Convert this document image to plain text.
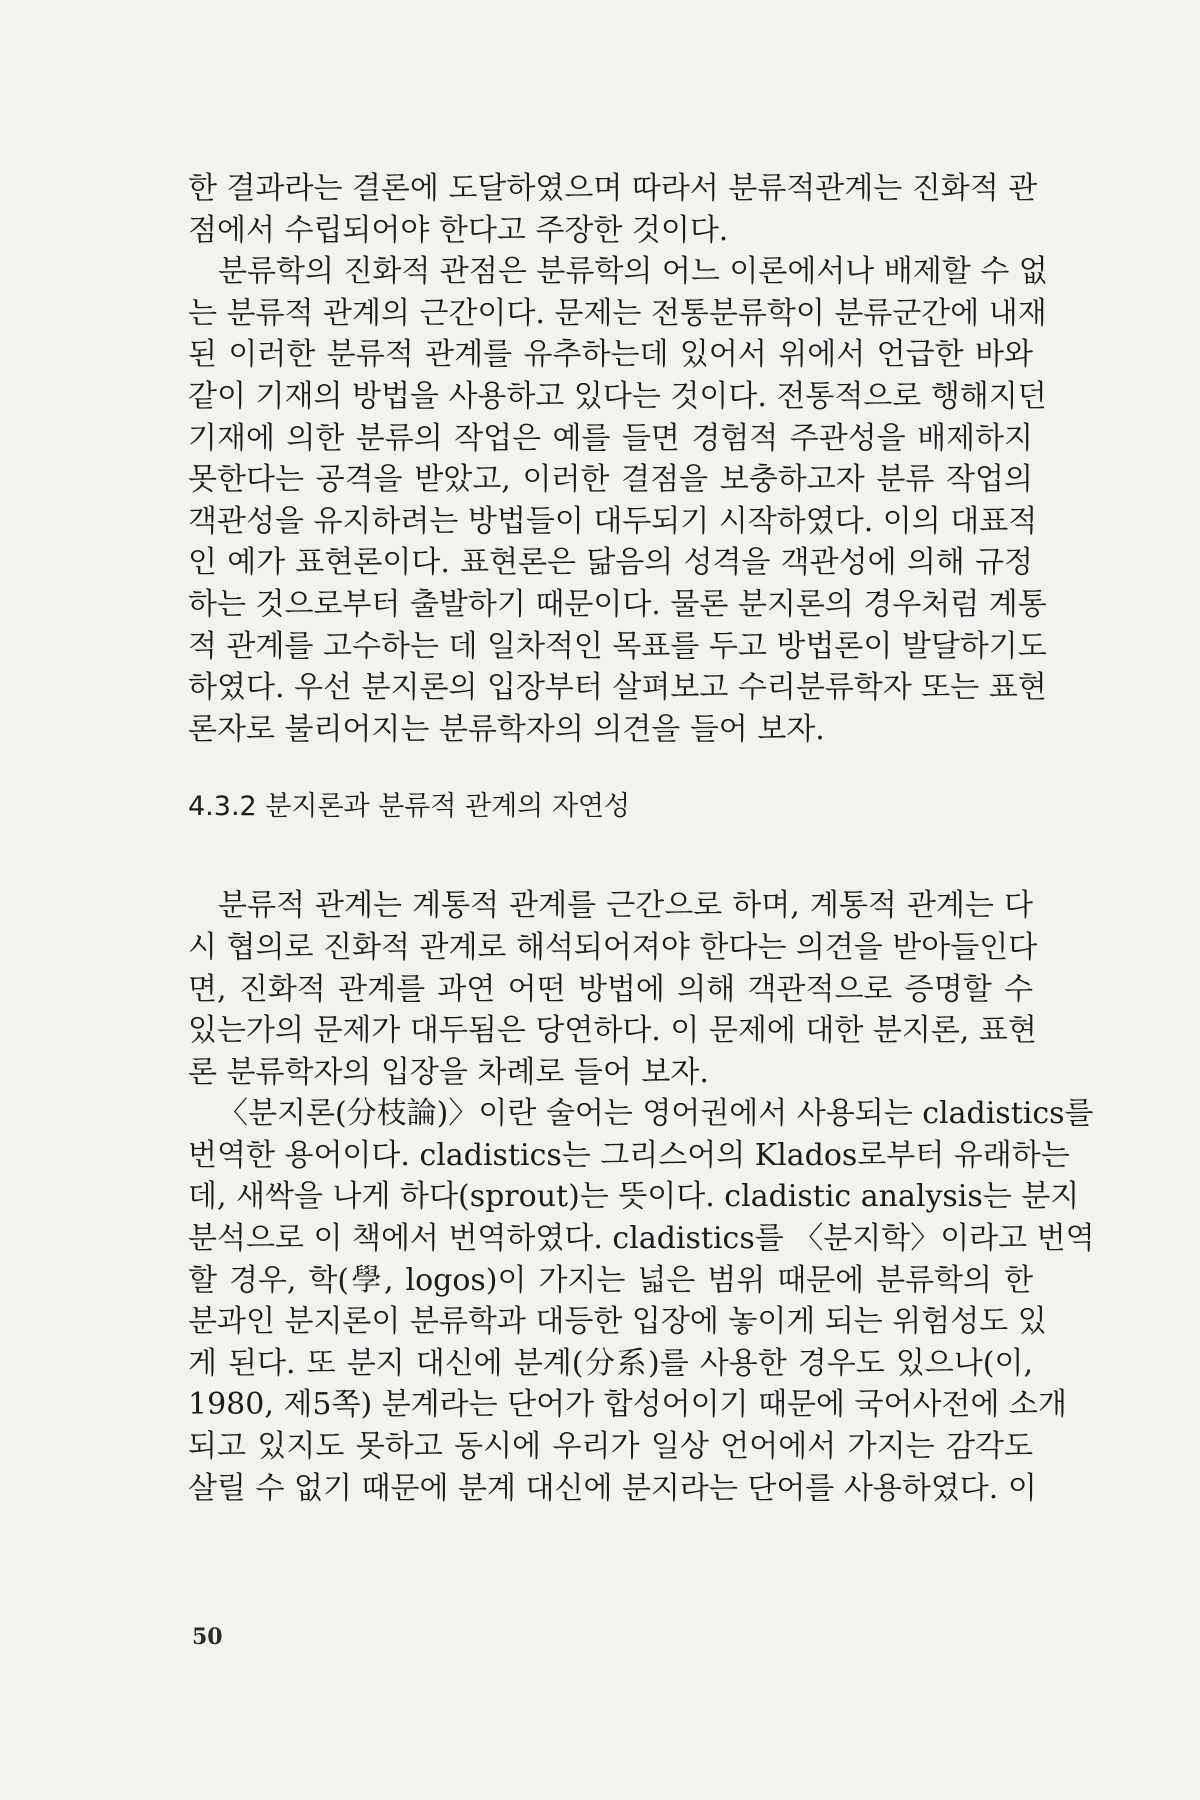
한 결과라는 결론에 도달하였으며 따라서 분류적관계는 진화적 관
점에서 수립되어야 한다고 주장한 것이다.
분류학의 진화적 관점은 분류학의 어느 이론에서나 배제할 수 없
는 분류적 관계의 근간이다. 문제는 전통분류학이 분류군간에 내재
된 이러한 분류적 관계를 유추하는데 있어서 위에서 언급한 바와
같이 기재의 방법을 사용하고 있다는 것이다. 전통적으로 행해지던
기재에 의한 분류의 작업은 예를 들면 경험적 주관성을 배제하지
못한다는 공격을 받았고, 이러한 결점을 보충하고자 분류 작업의
객관성을 유지하려는 방법들이 대두되기 시작하였다. 이의 대표적
인 예가 표현론이다. 표현론은 닮음의 성격을 객관성에 의해 규정
하는 것으로부터 출발하기 때문이다. 물론 분지론의 경우처럼 계통
적 관계를 고수하는 데 일차적인 목표를 두고 방법론이 발달하기도
하였다. 우선 분지론의 입장부터 살펴보고 수리분류학자 또는 표현
론자로 불리어지는 분류학자의 의견을 들어 보자.
4.3.2 분지론과 분류적 관계의 자연성
분류적 관계는 계통적 관계를 근간으로 하며, 계통적 관계는 다
시 협의로 진화적 관계로 해석되어져야 한다는 의견을 받아들인다
면, 진화적 관계를 과연 어떤 방법에 의해 객관적으로 증명할 수
있는가의 문제가 대두됨은 당연하다. 이 문제에 대한 분지론, 표현
론 분류학자의 입장을 차례로 들어 보자.
〈분지론(分枝論)〉이란 술어는 영어권에서 사용되는 cladistics를
번역한 용어이다. cladistics는 그리스어의 Klados로부터 유래하는
데, 새싹을 나게 하다(sprout)는 뜻이다. cladistic analysis는 분지
분석으로 이 책에서 번역하였다. cladistics를 〈분지학〉이라고 번역
할 경우, 학(學, logos)이 가지는 넓은 범위 때문에 분류학의 한
분과인 분지론이 분류학과 대등한 입장에 놓이게 되는 위험성도 있
게 된다. 또 분지 대신에 분계(分系)를 사용한 경우도 있으나(이,
1980, 제5쪽) 분계라는 단어가 합성어이기 때문에 국어사전에 소개
되고 있지도 못하고 동시에 우리가 일상 언어에서 가지는 감각도
살릴 수 없기 때문에 분계 대신에 분지라는 단어를 사용하였다. 이
50
